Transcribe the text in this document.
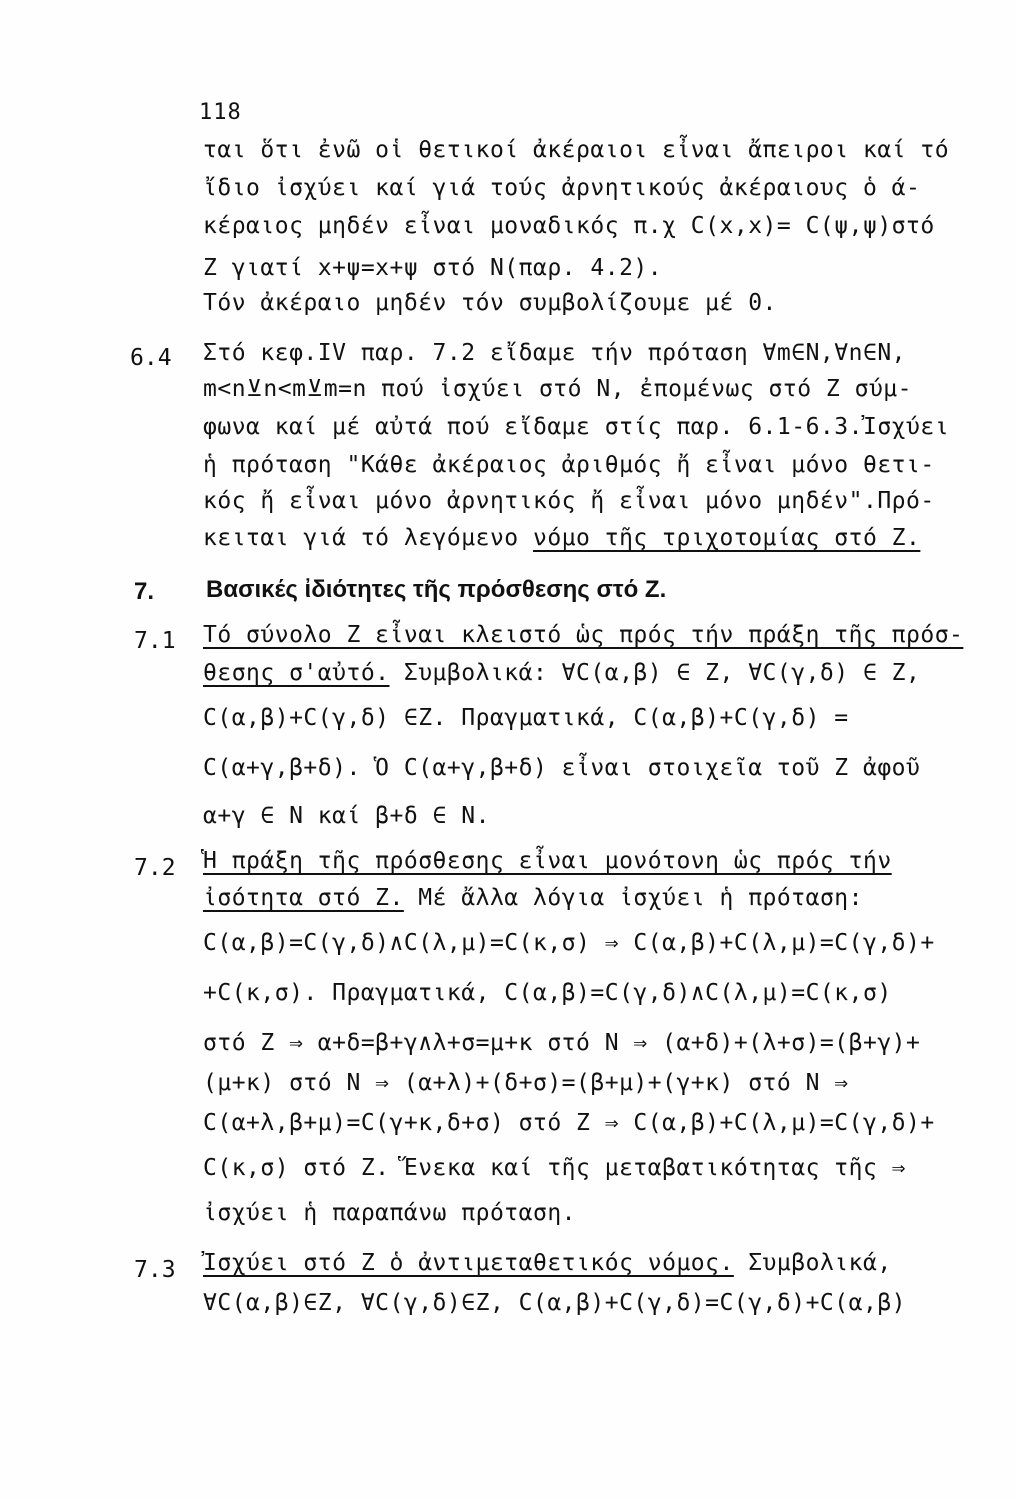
118
ται ὅτι ἐνῶ οἱ θετικοί ἀκέραιοι εἶναι ἄπειροι καί τό
ἴδιο ἰσχύει καί γιά τούς ἀρνητικούς ἀκέραιους ὁ ά-
κέραιος μηδέν εἶναι μοναδικός π.χ C(x,x)= C(ψ,ψ)στό
Z γιατί x+ψ=x+ψ στό N(παρ. 4.2).
Τόν ἀκέραιο μηδέν τόν συμβολίζουμε μέ 0.
6.4 Στό κεφ.IV παρ. 7.2 εἴδαμε τήν πρόταση ∀m∈N,∀n∈N,
m<n⊻n<m⊻m=n πού ἰσχύει στό N, ἐπομένως στό Z σύμ-
φωνα καί μέ αὐτά πού εἴδαμε στίς παρ. 6.1-6.3.Ἰσχύει
ἡ πρόταση "Κάθε ἀκέραιος ἀριθμός ἤ εἶναι μόνο θετι-
κός ἤ εἶναι μόνο ἀρνητικός ἤ εἶναι μόνο μηδέν".Πρό-
κειται γιά τό λεγόμενο νόμο τῆς τριχοτομίας στό Z.
7. Βασικές ἰδιότητες τῆς πρόσθεσης στό Z.
7.1 Τό σύνολο Z εἶναι κλειστό ὡς πρός τήν πράξη τῆς πρόσ-
θεσης σ'αὐτό. Συμβολικά: ∀C(α,β) ∈ Z, ∀C(γ,δ) ∈ Z,
C(α,β)+C(γ,δ) ∈Z. Πραγματικά, C(α,β)+C(γ,δ) =
C(α+γ,β+δ). Ὁ C(α+γ,β+δ) εἶναι στοιχεῖα τοῦ Z ἀφοῦ
α+γ ∈ N καί β+δ ∈ N.
7.2 Ἡ πράξη τῆς πρόσθεσης εἶναι μονότονη ὡς πρός τήν
ἰσότητα στό Z. Μέ ἄλλα λόγια ἰσχύει ἡ πρόταση:
C(α,β)=C(γ,δ)∧C(λ,μ)=C(κ,σ) ⇒ C(α,β)+C(λ,μ)=C(γ,δ)+
+C(κ,σ). Πραγματικά, C(α,β)=C(γ,δ)∧C(λ,μ)=C(κ,σ)
στό Z ⇒ α+δ=β+γ∧λ+σ=μ+κ στό N ⇒ (α+δ)+(λ+σ)=(β+γ)+
(μ+κ) στό N ⇒ (α+λ)+(δ+σ)=(β+μ)+(γ+κ) στό N ⇒
C(α+λ,β+μ)=C(γ+κ,δ+σ) στό Z ⇒ C(α,β)+C(λ,μ)=C(γ,δ)+
C(κ,σ) στό Z. Ἕνεκα καί τῆς μεταβατικότητας τῆς ⇒
ἰσχύει ἡ παραπάνω πρόταση.
7.3 Ἰσχύει στό Z ὁ ἀντιμεταθετικός νόμος. Συμβολικά,
∀C(α,β)∈Z, ∀C(γ,δ)∈Z, C(α,β)+C(γ,δ)=C(γ,δ)+C(α,β)
